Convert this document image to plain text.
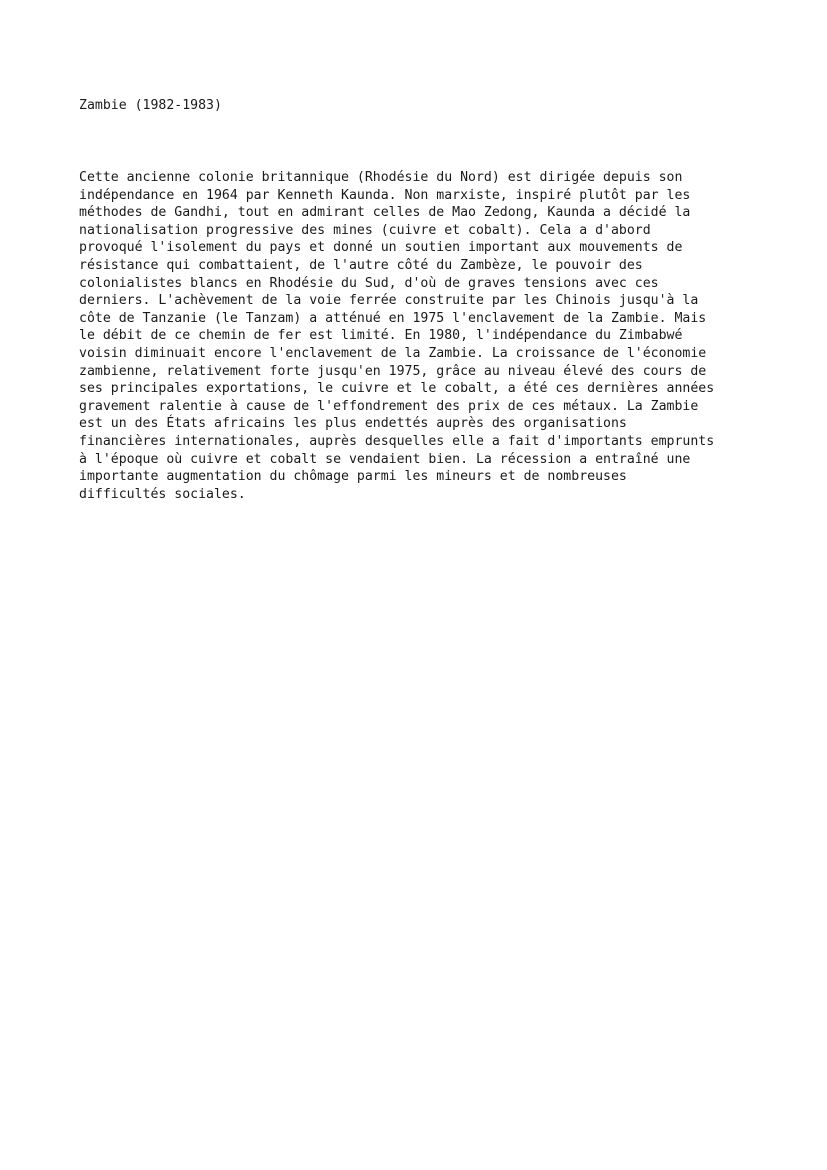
Zambie (1982-1983)
Cette ancienne colonie britannique (Rhodésie du Nord) est dirigée depuis son
indépendance en 1964 par Kenneth Kaunda. Non marxiste, inspiré plutôt par les
méthodes de Gandhi, tout en admirant celles de Mao Zedong, Kaunda a décidé la
nationalisation progressive des mines (cuivre et cobalt). Cela a d'abord
provoqué l'isolement du pays et donné un soutien important aux mouvements de
résistance qui combattaient, de l'autre côté du Zambèze, le pouvoir des
colonialistes blancs en Rhodésie du Sud, d'où de graves tensions avec ces
derniers. L'achèvement de la voie ferrée construite par les Chinois jusqu'à la
côte de Tanzanie (le Tanzam) a atténué en 1975 l'enclavement de la Zambie. Mais
le débit de ce chemin de fer est limité. En 1980, l'indépendance du Zimbabwé
voisin diminuait encore l'enclavement de la Zambie. La croissance de l'économie
zambienne, relativement forte jusqu'en 1975, grâce au niveau élevé des cours de
ses principales exportations, le cuivre et le cobalt, a été ces dernières années
gravement ralentie à cause de l'effondrement des prix de ces métaux. La Zambie
est un des États africains les plus endettés auprès des organisations
financières internationales, auprès desquelles elle a fait d'importants emprunts
à l'époque où cuivre et cobalt se vendaient bien. La récession a entraîné une
importante augmentation du chômage parmi les mineurs et de nombreuses
difficultés sociales.
